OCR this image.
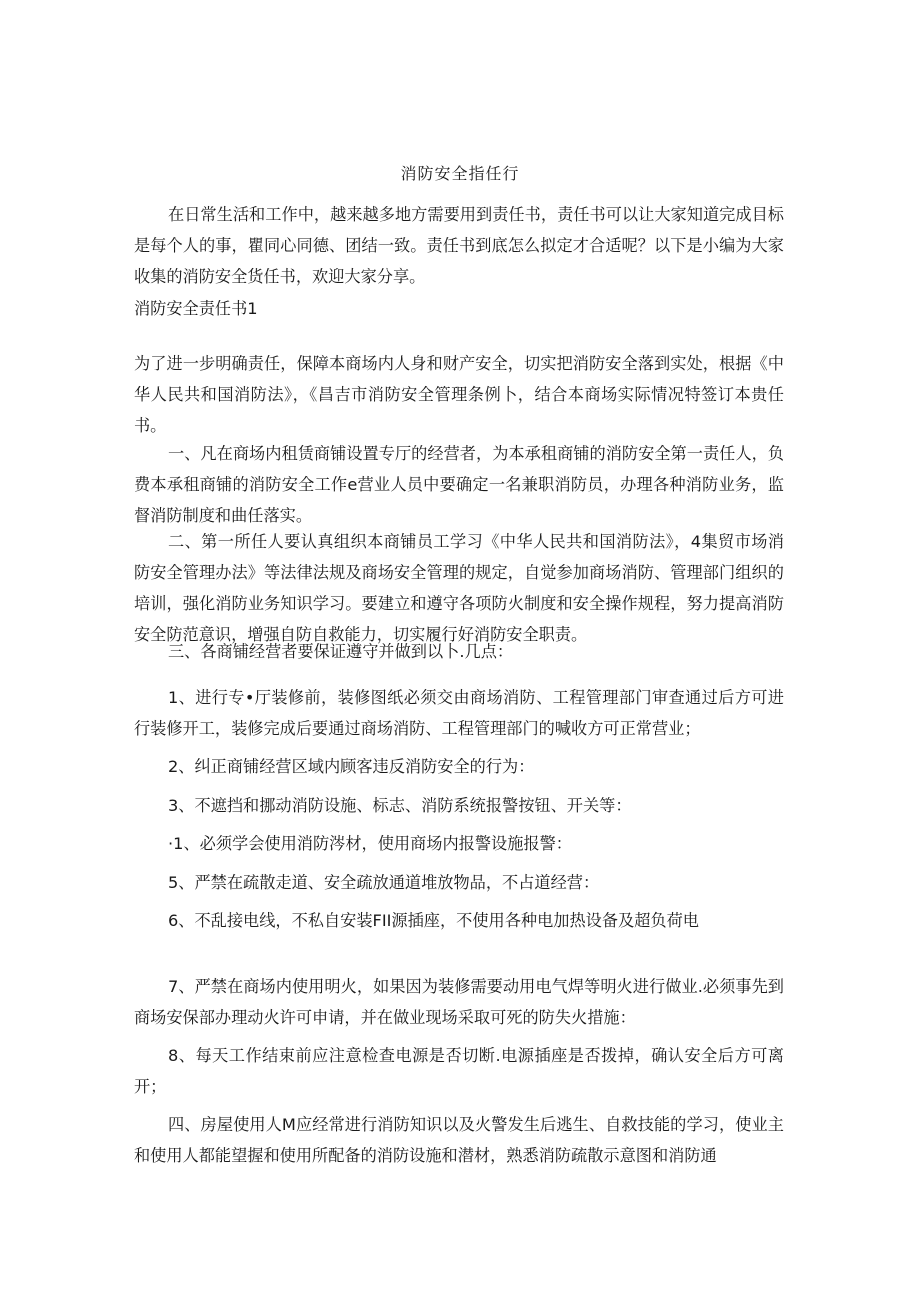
消防安全指任行

在日常生活和工作中，越来越多地方需要用到责任书，责任书可以让大家知道完成目标是每个人的事，瞿同心同德、团结一致。责任书到底怎么拟定才合适呢？以下是小编为大家收集的消防安全货任书，欢迎大家分享。

消防安全责任书1

为了进一步明确责任，保障本商场内人身和财产安全，切实把消防安全落到实处，根据《中华人民共和国消防法》，《昌吉市消防安全管理条例卜，结合本商场实际情况特签订本贵任书。

一、凡在商场内租赁商铺设置专厅的经营者，为本承租商铺的消防安全第一责任人，负费本承租商铺的消防安全工作e营业人员中要确定一名兼职消防员，办理各种消防业务，监督消防制度和曲任落实。

二、第一所任人要认真组织本商铺员工学习《中华人民共和国消防法》，4集贸市场消防安全管理办法》等法律法规及商场安全管理的规定，自觉参加商场消防、管理部门组织的培训，强化消防业务知识学习。要建立和遵守各项防火制度和安全操作规程，努力提高消防安全防范意识，增强自防自救能力，切实履行好消防安全职责。

三、各商铺经营者要保证遵守并做到以卜.几点：

1、进行专•厅装修前，装修图纸必须交由商场消防、工程管理部门审查通过后方可进行装修开工，装修完成后要通过商场消防、工程管理部门的喊收方可正常营业；

2、纠正商铺经营区域内顾客违反消防安全的行为：

3、不遮挡和挪动消防设施、标志、消防系统报警按钮、开关等：

·1、必须学会使用消防涔材，使用商场内报警设施报警：

5、严禁在疏散走道、安全疏放通道堆放物品，不占道经营：

6、不乱接电线，不私自安装FII源插座，不使用各种电加热设备及超负荷电

7、严禁在商场内使用明火，如果因为装修需要动用电气焊等明火进行做业.必须事先到商场安保部办理动火许可申请，并在做业现场采取可死的防失火措施：

8、每天工作结束前应注意检查电源是否切断.电源插座是否拨掉，确认安全后方可离开；

四、房屋使用人M应经常进行消防知识以及火警发生后逃生、自救技能的学习，使业主和使用人都能望握和使用所配备的消防设施和潜材，熟悉消防疏散示意图和消防通
